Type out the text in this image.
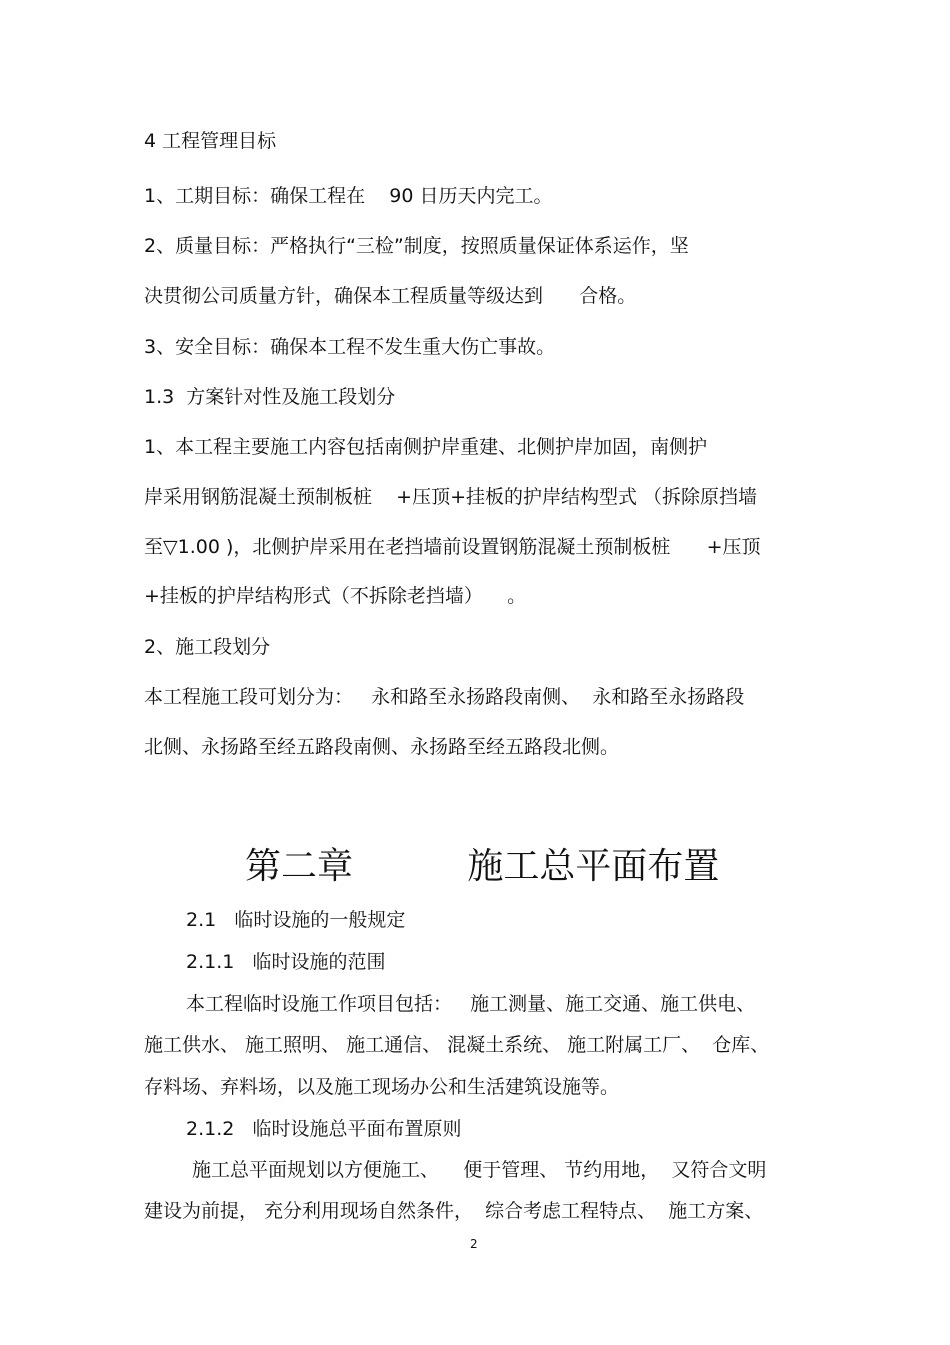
4 工程管理目标

1、工期目标：确保工程在    90 日历天内完工。

2、质量目标：严格执行“三检”制度，按照质量保证体系运作，坚

决贯彻公司质量方针，确保本工程质量等级达到      合格。

3、安全目标：确保本工程不发生重大伤亡事故。

1.3  方案针对性及施工段划分

1、本工程主要施工内容包括南侧护岸重建、北侧护岸加固，南侧护

岸采用钢筋混凝土预制板桩    +压顶+挂板的护岸结构型式 （拆除原挡墙

至▽1.00 )，北侧护岸采用在老挡墙前设置钢筋混凝土预制板桩      +压顶

+挂板的护岸结构形式（不拆除老挡墙）    。

2、施工段划分

本工程施工段可划分为：   永和路至永扬路段南侧、  永和路至永扬路段

北侧、永扬路至经五路段南侧、永扬路至经五路段北侧。

第二章          施工总平面布置

2.1   临时设施的一般规定

2.1.1   临时设施的范围

本工程临时设施工作项目包括：   施工测量、施工交通、施工供电、

施工供水、 施工照明、 施工通信、 混凝土系统、 施工附属工厂、  仓库、

存料场、弃料场，以及施工现场办公和生活建筑设施等。

2.1.2   临时设施总平面布置原则

施工总平面规划以方便施工、    便于管理、 节约用地，  又符合文明

建设为前提， 充分利用现场自然条件，  综合考虑工程特点、  施工方案、

2
